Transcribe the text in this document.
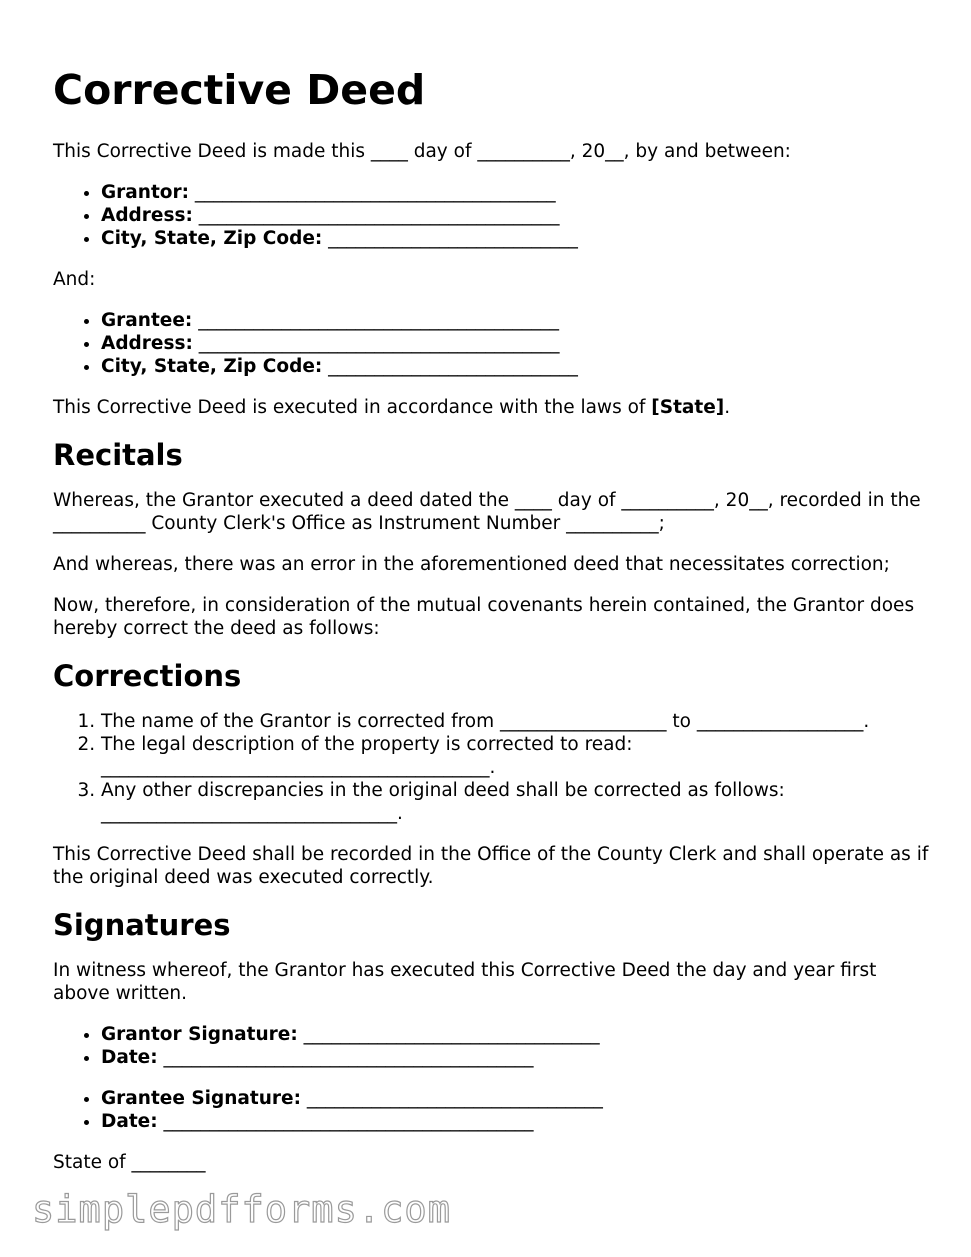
Corrective Deed

This Corrective Deed is made this ____ day of __________, 20__, by and between:

• Grantor: _______________________________________
• Address: _______________________________________
• City, State, Zip Code: ___________________________

And:

• Grantee: _______________________________________
• Address: _______________________________________
• City, State, Zip Code: ___________________________

This Corrective Deed is executed in accordance with the laws of [State].

Recitals

Whereas, the Grantor executed a deed dated the ____ day of __________, 20__, recorded in the __________ County Clerk's Office as Instrument Number __________;

And whereas, there was an error in the aforementioned deed that necessitates correction;

Now, therefore, in consideration of the mutual covenants herein contained, the Grantor does hereby correct the deed as follows:

Corrections
1. The name of the Grantor is corrected from __________________ to __________________.
2. The legal description of the property is corrected to read: __________________________________________.
3. Any other discrepancies in the original deed shall be corrected as follows: ________________________________.

This Corrective Deed shall be recorded in the Office of the County Clerk and shall operate as if the original deed was executed correctly.

Signatures

In witness whereof, the Grantor has executed this Corrective Deed the day and year first above written.

• Grantor Signature: ________________________________
• Date: ________________________________________
• Grantee Signature: ________________________________
• Date: ________________________________________

State of ________

simplepdfforms.com
